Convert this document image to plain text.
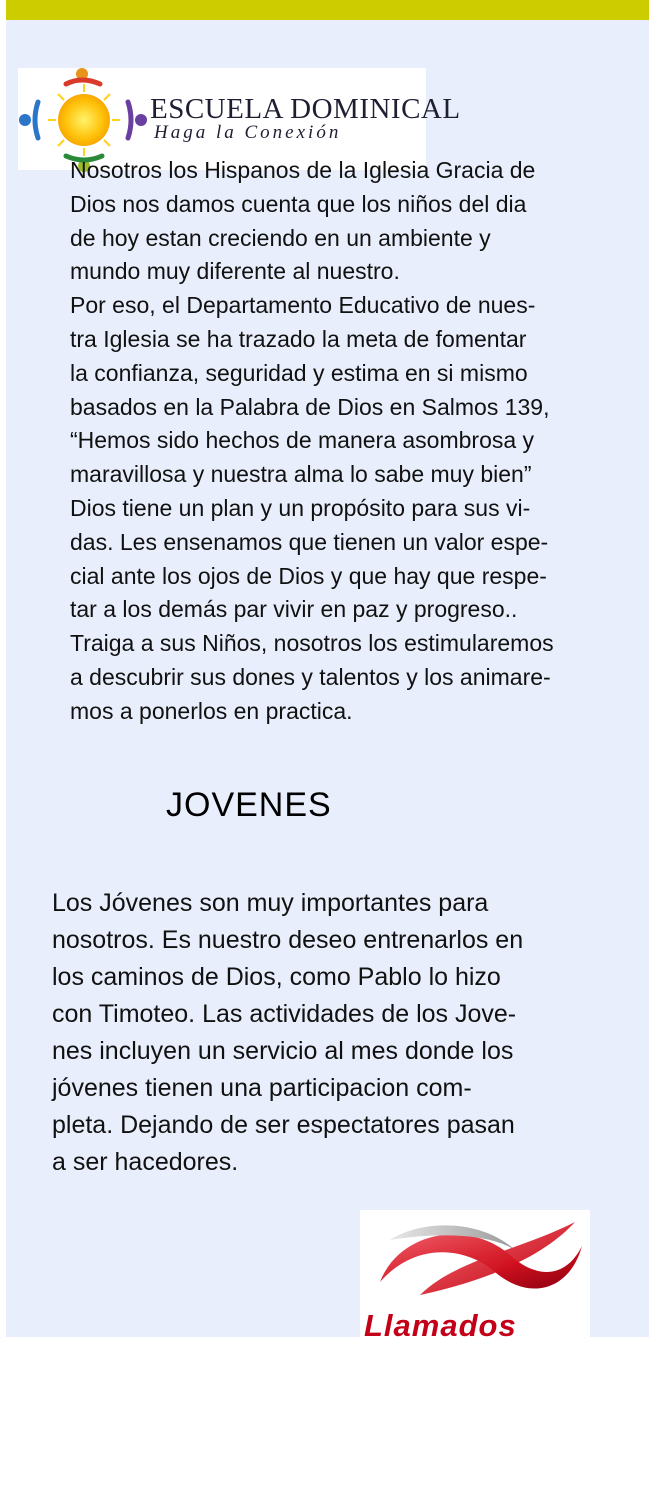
ESCUELA DOMINICAL
Haga la Conexión
Nosotros los Hispanos de la Iglesia Gracia de
Dios nos damos cuenta que los niños del dia
de hoy estan creciendo en un ambiente y
mundo muy diferente al nuestro.
Por eso, el Departamento Educativo de nues-
tra Iglesia se ha trazado la meta de fomentar
la confianza, seguridad y estima en si mismo
basados en la Palabra de Dios en Salmos 139,
“Hemos sido hechos de manera asombrosa y
maravillosa y nuestra alma lo sabe muy bien”
Dios tiene un plan y un propósito para sus vi-
das. Les ensenamos que tienen un valor espe-
cial ante los ojos de Dios y que hay que respe-
tar a los demás par vivir en paz y progreso..
Traiga a sus Niños, nosotros los estimularemos
a descubrir sus dones y talentos y los animare-
mos a ponerlos en practica.
JOVENES
Los Jóvenes son muy importantes para
nosotros. Es nuestro deseo entrenarlos en
los caminos de Dios, como Pablo lo hizo
con Timoteo. Las actividades de los Jove-
nes incluyen un servicio al mes donde los
jóvenes tienen una participacion com-
pleta. Dejando de ser espectatores pasan
a ser hacedores.
Llamados
